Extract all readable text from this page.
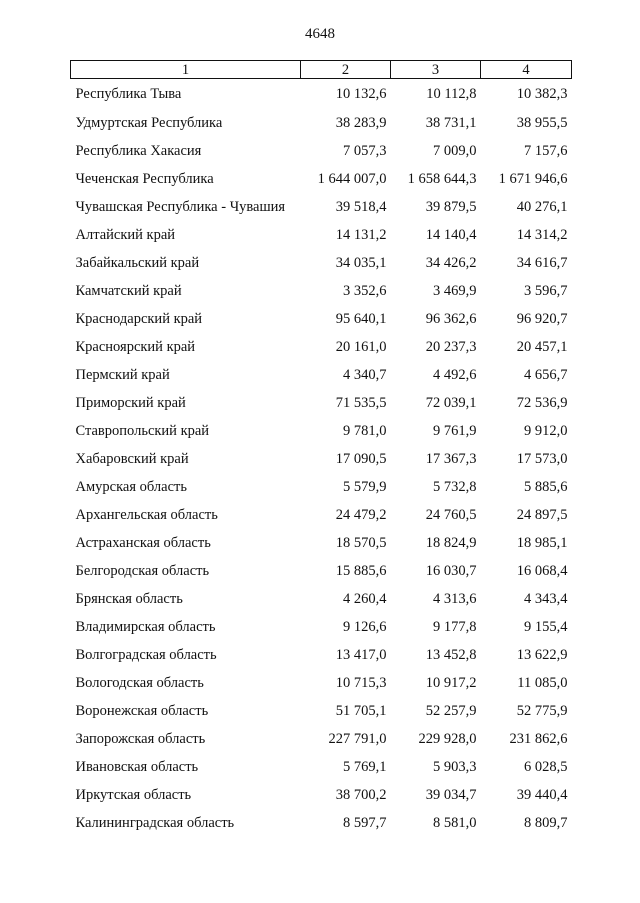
4648
1	2	3	4
Республика Тыва	10 132,6	10 112,8	10 382,3
Удмуртская Республика	38 283,9	38 731,1	38 955,5
Республика Хакасия	7 057,3	7 009,0	7 157,6
Чеченская Республика	1 644 007,0	1 658 644,3	1 671 946,6
Чувашская Республика - Чувашия	39 518,4	39 879,5	40 276,1
Алтайский край	14 131,2	14 140,4	14 314,2
Забайкальский край	34 035,1	34 426,2	34 616,7
Камчатский край	3 352,6	3 469,9	3 596,7
Краснодарский край	95 640,1	96 362,6	96 920,7
Красноярский край	20 161,0	20 237,3	20 457,1
Пермский край	4 340,7	4 492,6	4 656,7
Приморский край	71 535,5	72 039,1	72 536,9
Ставропольский край	9 781,0	9 761,9	9 912,0
Хабаровский край	17 090,5	17 367,3	17 573,0
Амурская область	5 579,9	5 732,8	5 885,6
Архангельская область	24 479,2	24 760,5	24 897,5
Астраханская область	18 570,5	18 824,9	18 985,1
Белгородская область	15 885,6	16 030,7	16 068,4
Брянская область	4 260,4	4 313,6	4 343,4
Владимирская область	9 126,6	9 177,8	9 155,4
Волгоградская область	13 417,0	13 452,8	13 622,9
Вологодская область	10 715,3	10 917,2	11 085,0
Воронежская область	51 705,1	52 257,9	52 775,9
Запорожская область	227 791,0	229 928,0	231 862,6
Ивановская область	5 769,1	5 903,3	6 028,5
Иркутская область	38 700,2	39 034,7	39 440,4
Калининградская область	8 597,7	8 581,0	8 809,7
